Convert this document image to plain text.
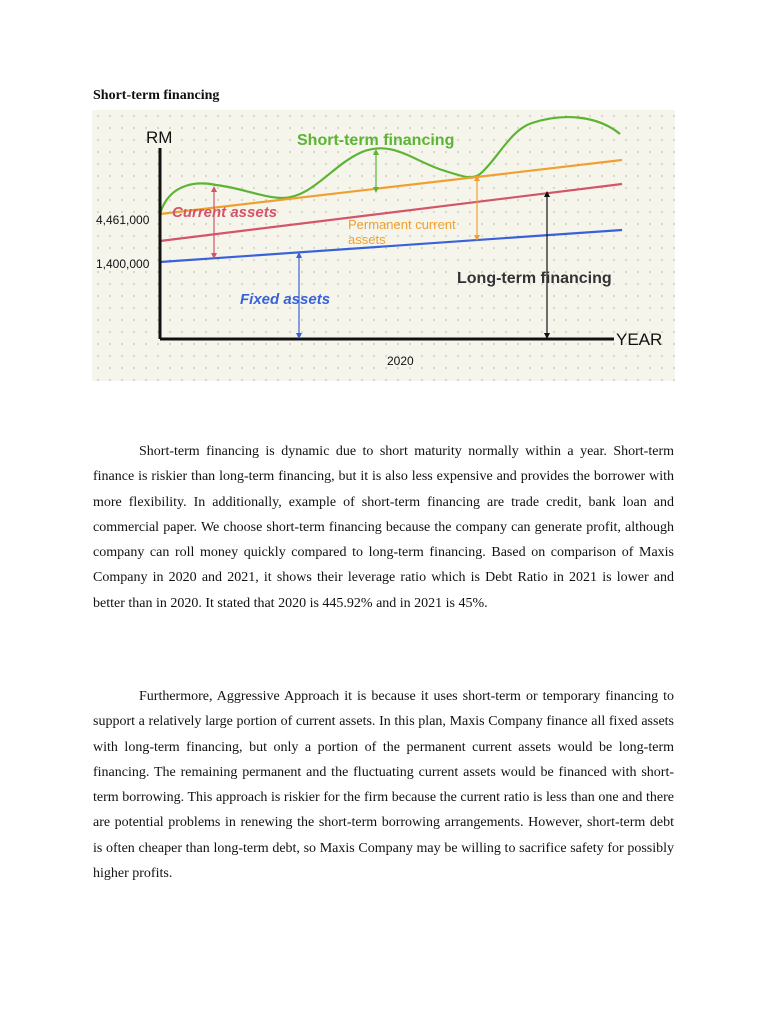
Short-term financing
RM
YEAR
2020
4,461,000
1,400,000
Short-term financing
Current assets
Permanent current
assets
Long-term financing
Fixed assets

Short-term financing is dynamic due to short maturity normally within a year. Short-term finance is riskier than long-term financing, but it is also less expensive and provides the borrower with more flexibility. In additionally, example of short-term financing are trade credit, bank loan and commercial paper. We choose short-term financing because the company can generate profit, although company can roll money quickly compared to long-term financing. Based on comparison of Maxis Company in 2020 and 2021, it shows their leverage ratio which is Debt Ratio in 2021 is lower and better than in 2020. It stated that 2020 is 445.92% and in 2021 is 45%.

Furthermore, Aggressive Approach it is because it uses short-term or temporary financing to support a relatively large portion of current assets. In this plan, Maxis Company finance all fixed assets with long-term financing, but only a portion of the permanent current assets would be long-term financing. The remaining permanent and the fluctuating current assets would be financed with short-term borrowing. This approach is riskier for the firm because the current ratio is less than one and there are potential problems in renewing the short-term borrowing arrangements. However, short-term debt is often cheaper than long-term debt, so Maxis Company may be willing to sacrifice safety for possibly higher profits.
